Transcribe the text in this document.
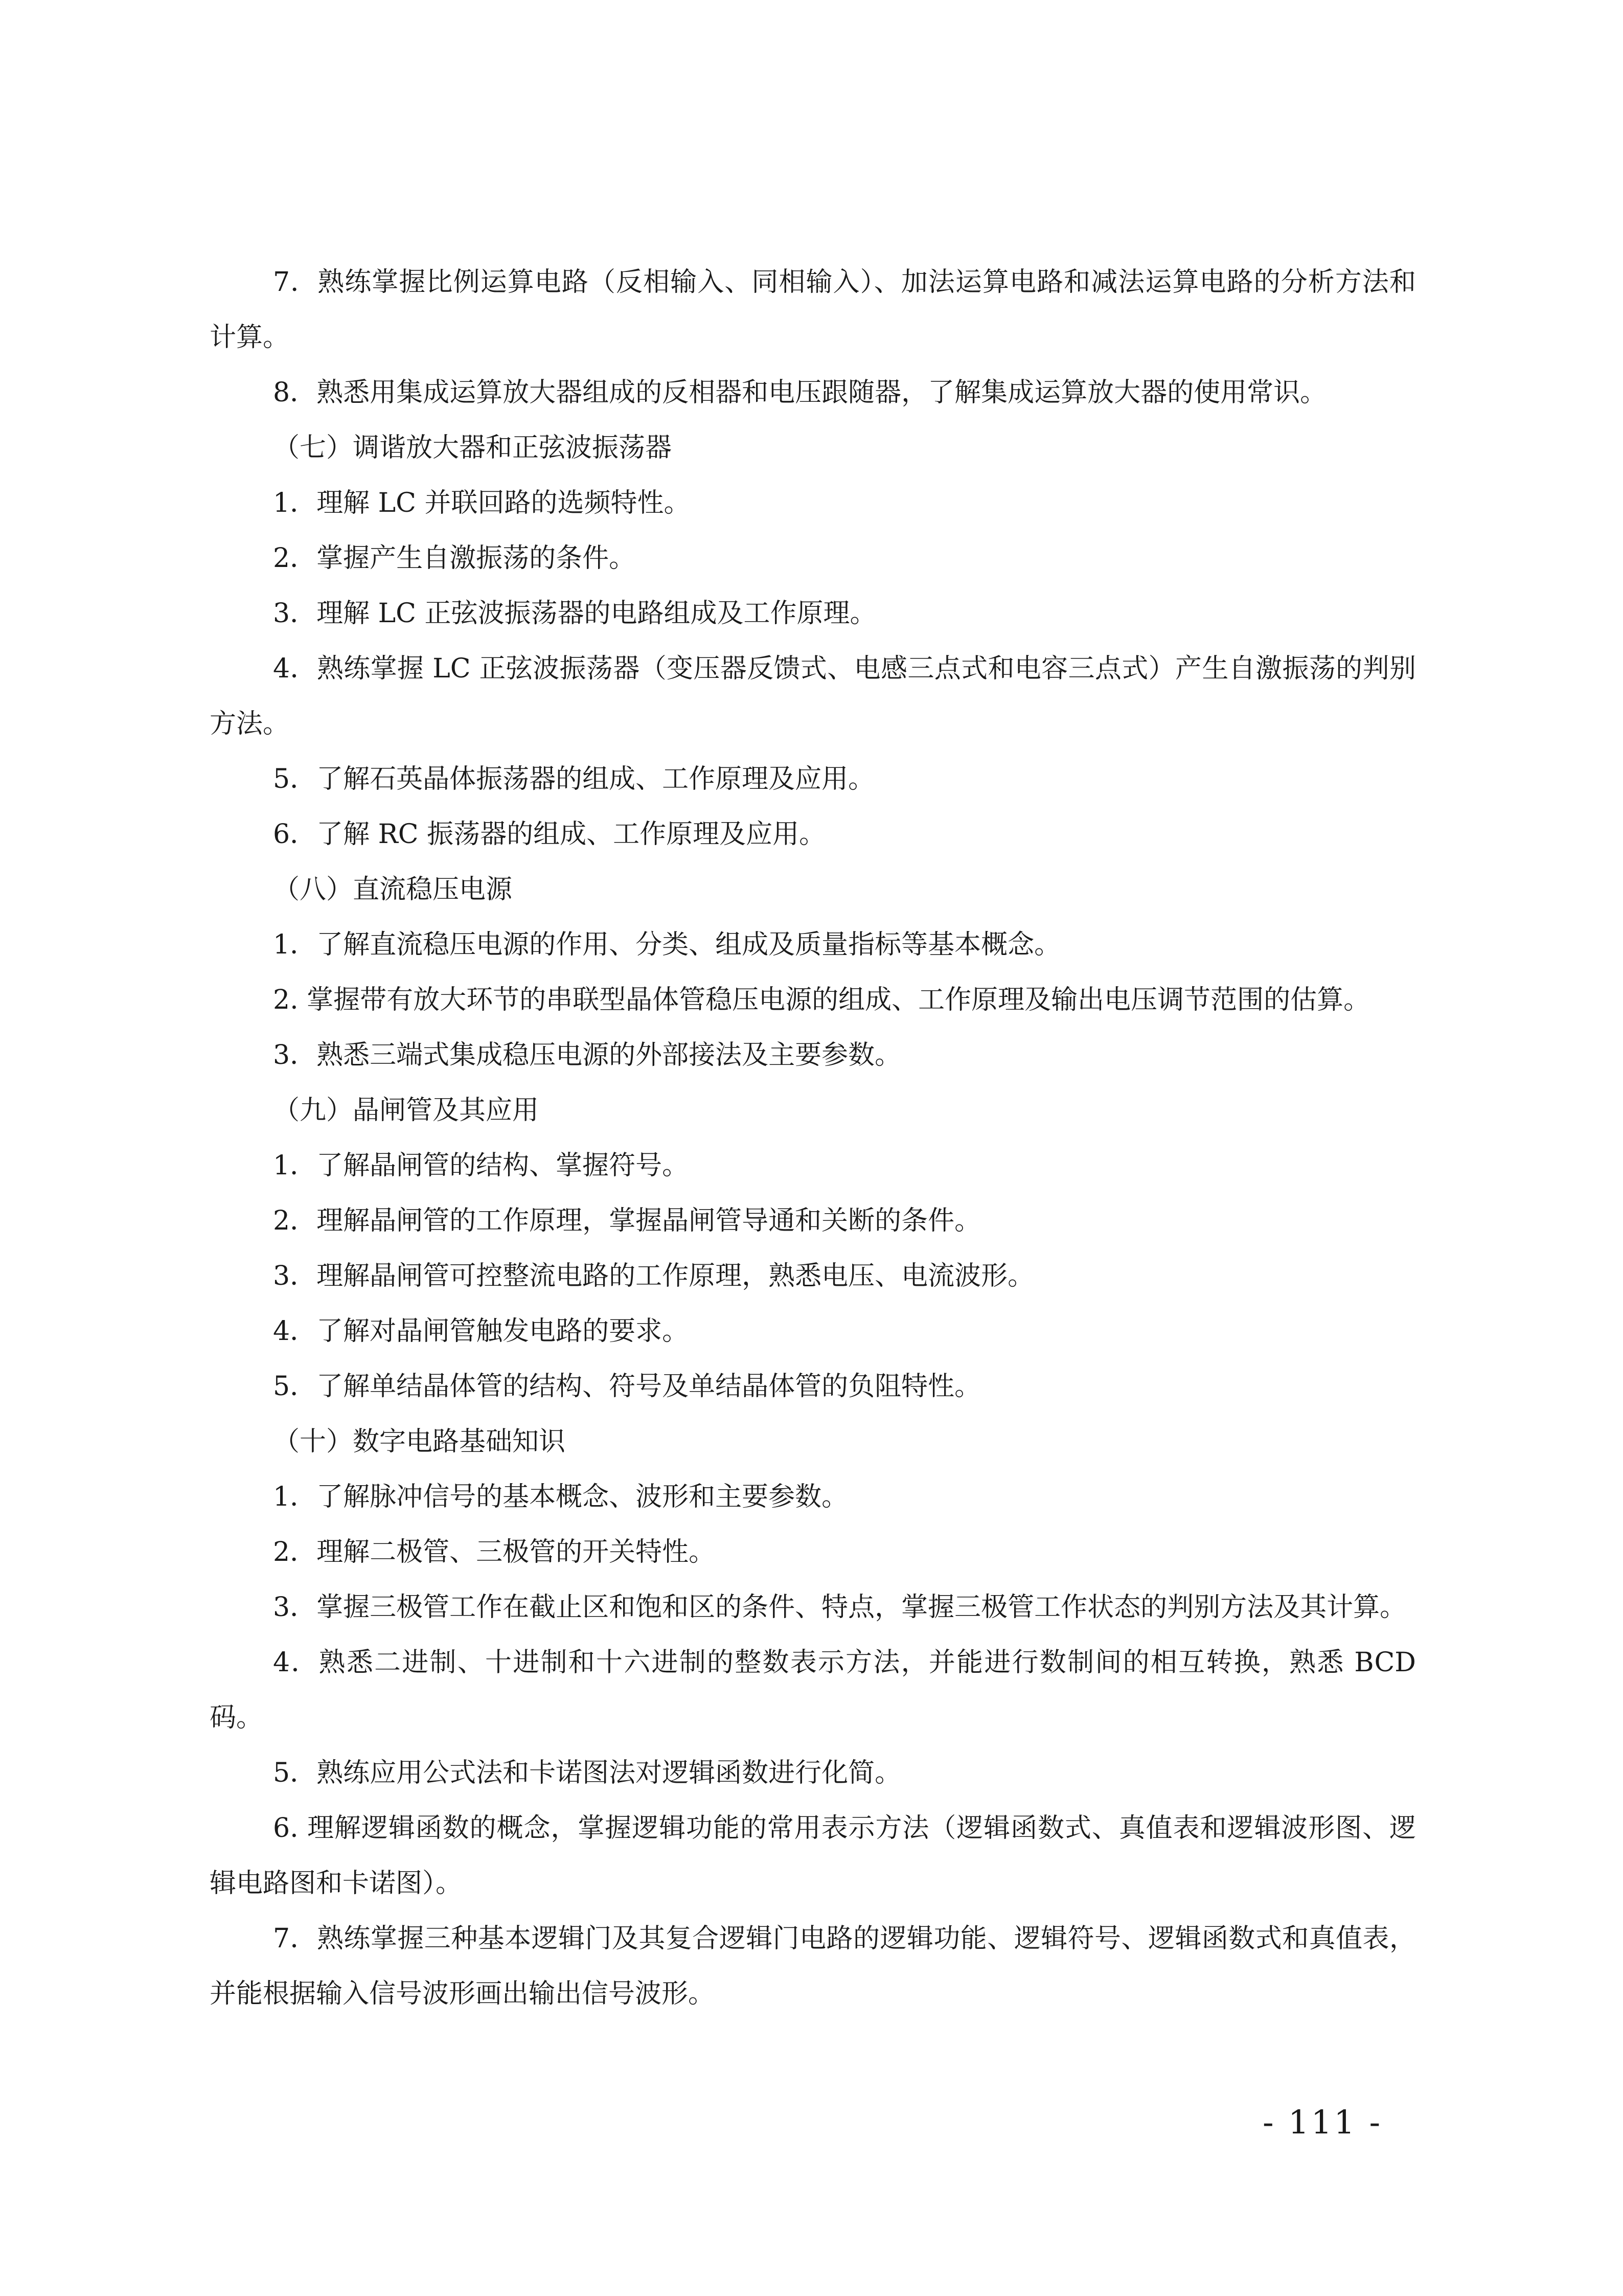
7．熟练掌握比例运算电路（反相输入、同相输入）、加法运算电路和减法运算电路的分析方法和计算。

8．熟悉用集成运算放大器组成的反相器和电压跟随器，了解集成运算放大器的使用常识。

（七）调谐放大器和正弦波振荡器

1．理解 LC 并联回路的选频特性。

2．掌握产生自激振荡的条件。

3．理解 LC 正弦波振荡器的电路组成及工作原理。

4．熟练掌握 LC 正弦波振荡器（变压器反馈式、电感三点式和电容三点式）产生自激振荡的判别方法。

5．了解石英晶体振荡器的组成、工作原理及应用。

6．了解 RC 振荡器的组成、工作原理及应用。

（八）直流稳压电源

1．了解直流稳压电源的作用、分类、组成及质量指标等基本概念。

2. 掌握带有放大环节的串联型晶体管稳压电源的组成、工作原理及输出电压调节范围的估算。

3．熟悉三端式集成稳压电源的外部接法及主要参数。

（九）晶闸管及其应用

1．了解晶闸管的结构、掌握符号。

2．理解晶闸管的工作原理，掌握晶闸管导通和关断的条件。

3．理解晶闸管可控整流电路的工作原理，熟悉电压、电流波形。

4．了解对晶闸管触发电路的要求。

5．了解单结晶体管的结构、符号及单结晶体管的负阻特性。

（十）数字电路基础知识

1．了解脉冲信号的基本概念、波形和主要参数。

2．理解二极管、三极管的开关特性。

3．掌握三极管工作在截止区和饱和区的条件、特点，掌握三极管工作状态的判别方法及其计算。

4．熟悉二进制、十进制和十六进制的整数表示方法，并能进行数制间的相互转换，熟悉 BCD 码。

5．熟练应用公式法和卡诺图法对逻辑函数进行化简。

6. 理解逻辑函数的概念，掌握逻辑功能的常用表示方法（逻辑函数式、真值表和逻辑波形图、逻辑电路图和卡诺图）。

7．熟练掌握三种基本逻辑门及其复合逻辑门电路的逻辑功能、逻辑符号、逻辑函数式和真值表，并能根据输入信号波形画出输出信号波形。

- 111 -
